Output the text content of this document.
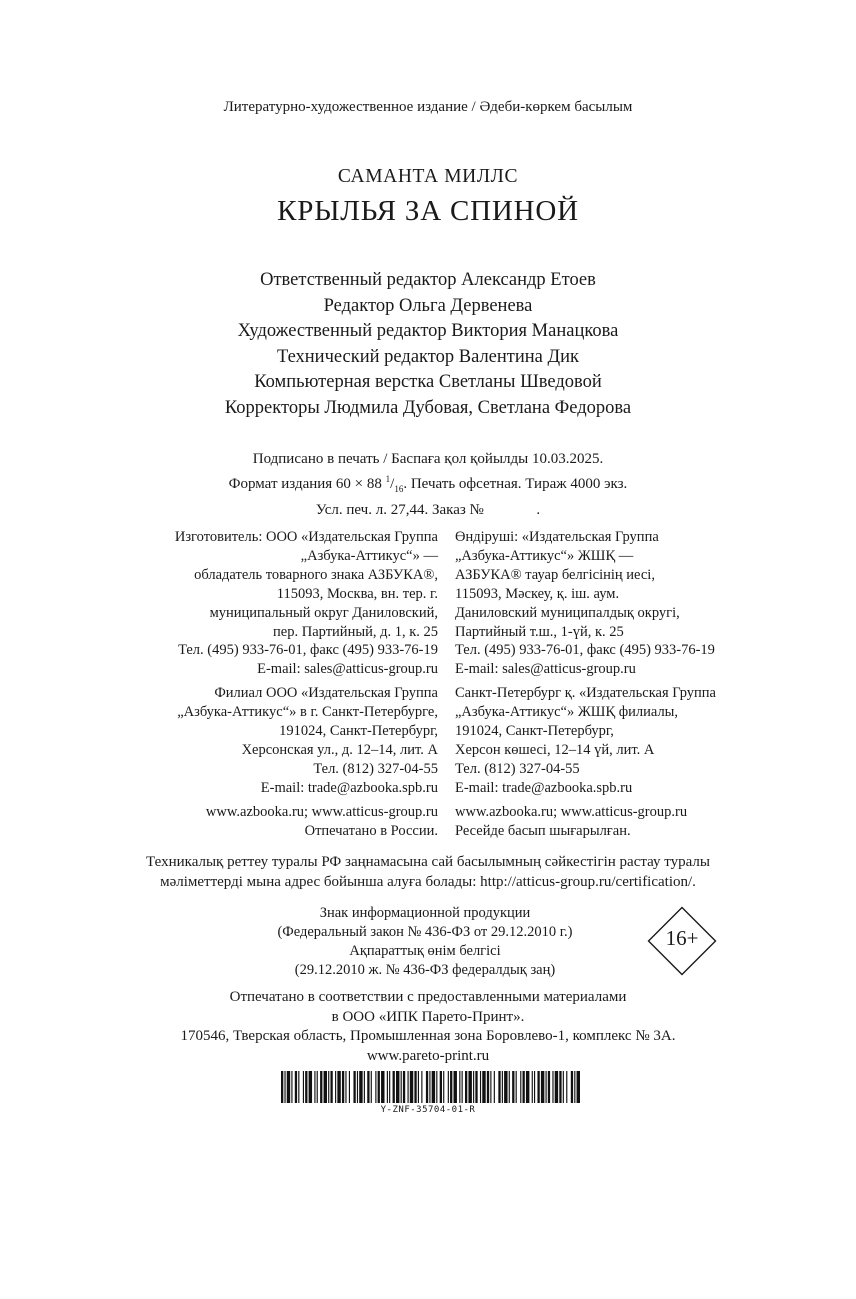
Литературно-художественное издание / Әдеби-көркем басылым
САМАНТА МИЛЛС
КРЫЛЬЯ ЗА СПИНОЙ
Ответственный редактор Александр Етоев
Редактор Ольга Дервенева
Художественный редактор Виктория Манацкова
Технический редактор Валентина Дик
Компьютерная верстка Светланы Шведовой
Корректоры Людмила Дубовая, Светлана Федорова
Подписано в печать / Баспаға қол қойылды 10.03.2025.
Формат издания 60 × 88 $^1/_{16}$. Печать офсетная. Тираж 4000 экз.
Усл. печ. л. 27,44. Заказ №              .
Изготовитель: ООО «Издательская Группа
„Азбука-Аттикус“» —
обладатель товарного знака АЗБУКА®,
115093, Москва, вн. тер. г.
муниципальный округ Даниловский,
пер. Партийный, д. 1, к. 25
Тел. (495) 933-76-01, факс (495) 933-76-19
E-mail: sales@atticus-group.ru
Өндіруші: «Издательская Группа
„Азбука-Аттикус“» ЖШҚ —
АЗБУКА® тауар белгісінің иесі,
115093, Мәскеу, қ. іш. аум.
Даниловский муниципалдық округі,
Партийный т.ш., 1-үй, к. 25
Тел. (495) 933-76-01, факс (495) 933-76-19
E-mail: sales@atticus-group.ru
Филиал ООО «Издательская Группа
„Азбука-Аттикус“» в г. Санкт-Петербурге,
191024, Санкт-Петербург,
Херсонская ул., д. 12–14, лит. А
Тел. (812) 327-04-55
E-mail: trade@azbooka.spb.ru
Санкт-Петербург қ. «Издательская Группа
„Азбука-Аттикус“» ЖШҚ филиалы,
191024, Санкт-Петербург,
Херсон көшесі, 12–14 үй, лит. А
Тел. (812) 327-04-55
E-mail: trade@azbooka.spb.ru
www.azbooka.ru; www.atticus-group.ru
Отпечатано в России.
www.azbooka.ru; www.atticus-group.ru
Ресейде басып шығарылған.
Техникалық реттеу туралы РФ заңнамасына сай басылымның сәйкестігін растау туралы
мәліметтерді мына адрес бойынша алуға болады: http://atticus-group.ru/certification/.
Знак информационной продукции
(Федеральный закон № 436-ФЗ от 29.12.2010 г.)
Ақпараттық өнім белгісі
(29.12.2010 ж. № 436-ФЗ федералдық заң)
16+
Отпечатано в соответствии с предоставленными материалами
в ООО «ИПК Парето-Принт».
170546, Тверская область, Промышленная зона Боровлево-1, комплекс № 3А.
www.pareto-print.ru
Y-ZNF-35704-01-R
